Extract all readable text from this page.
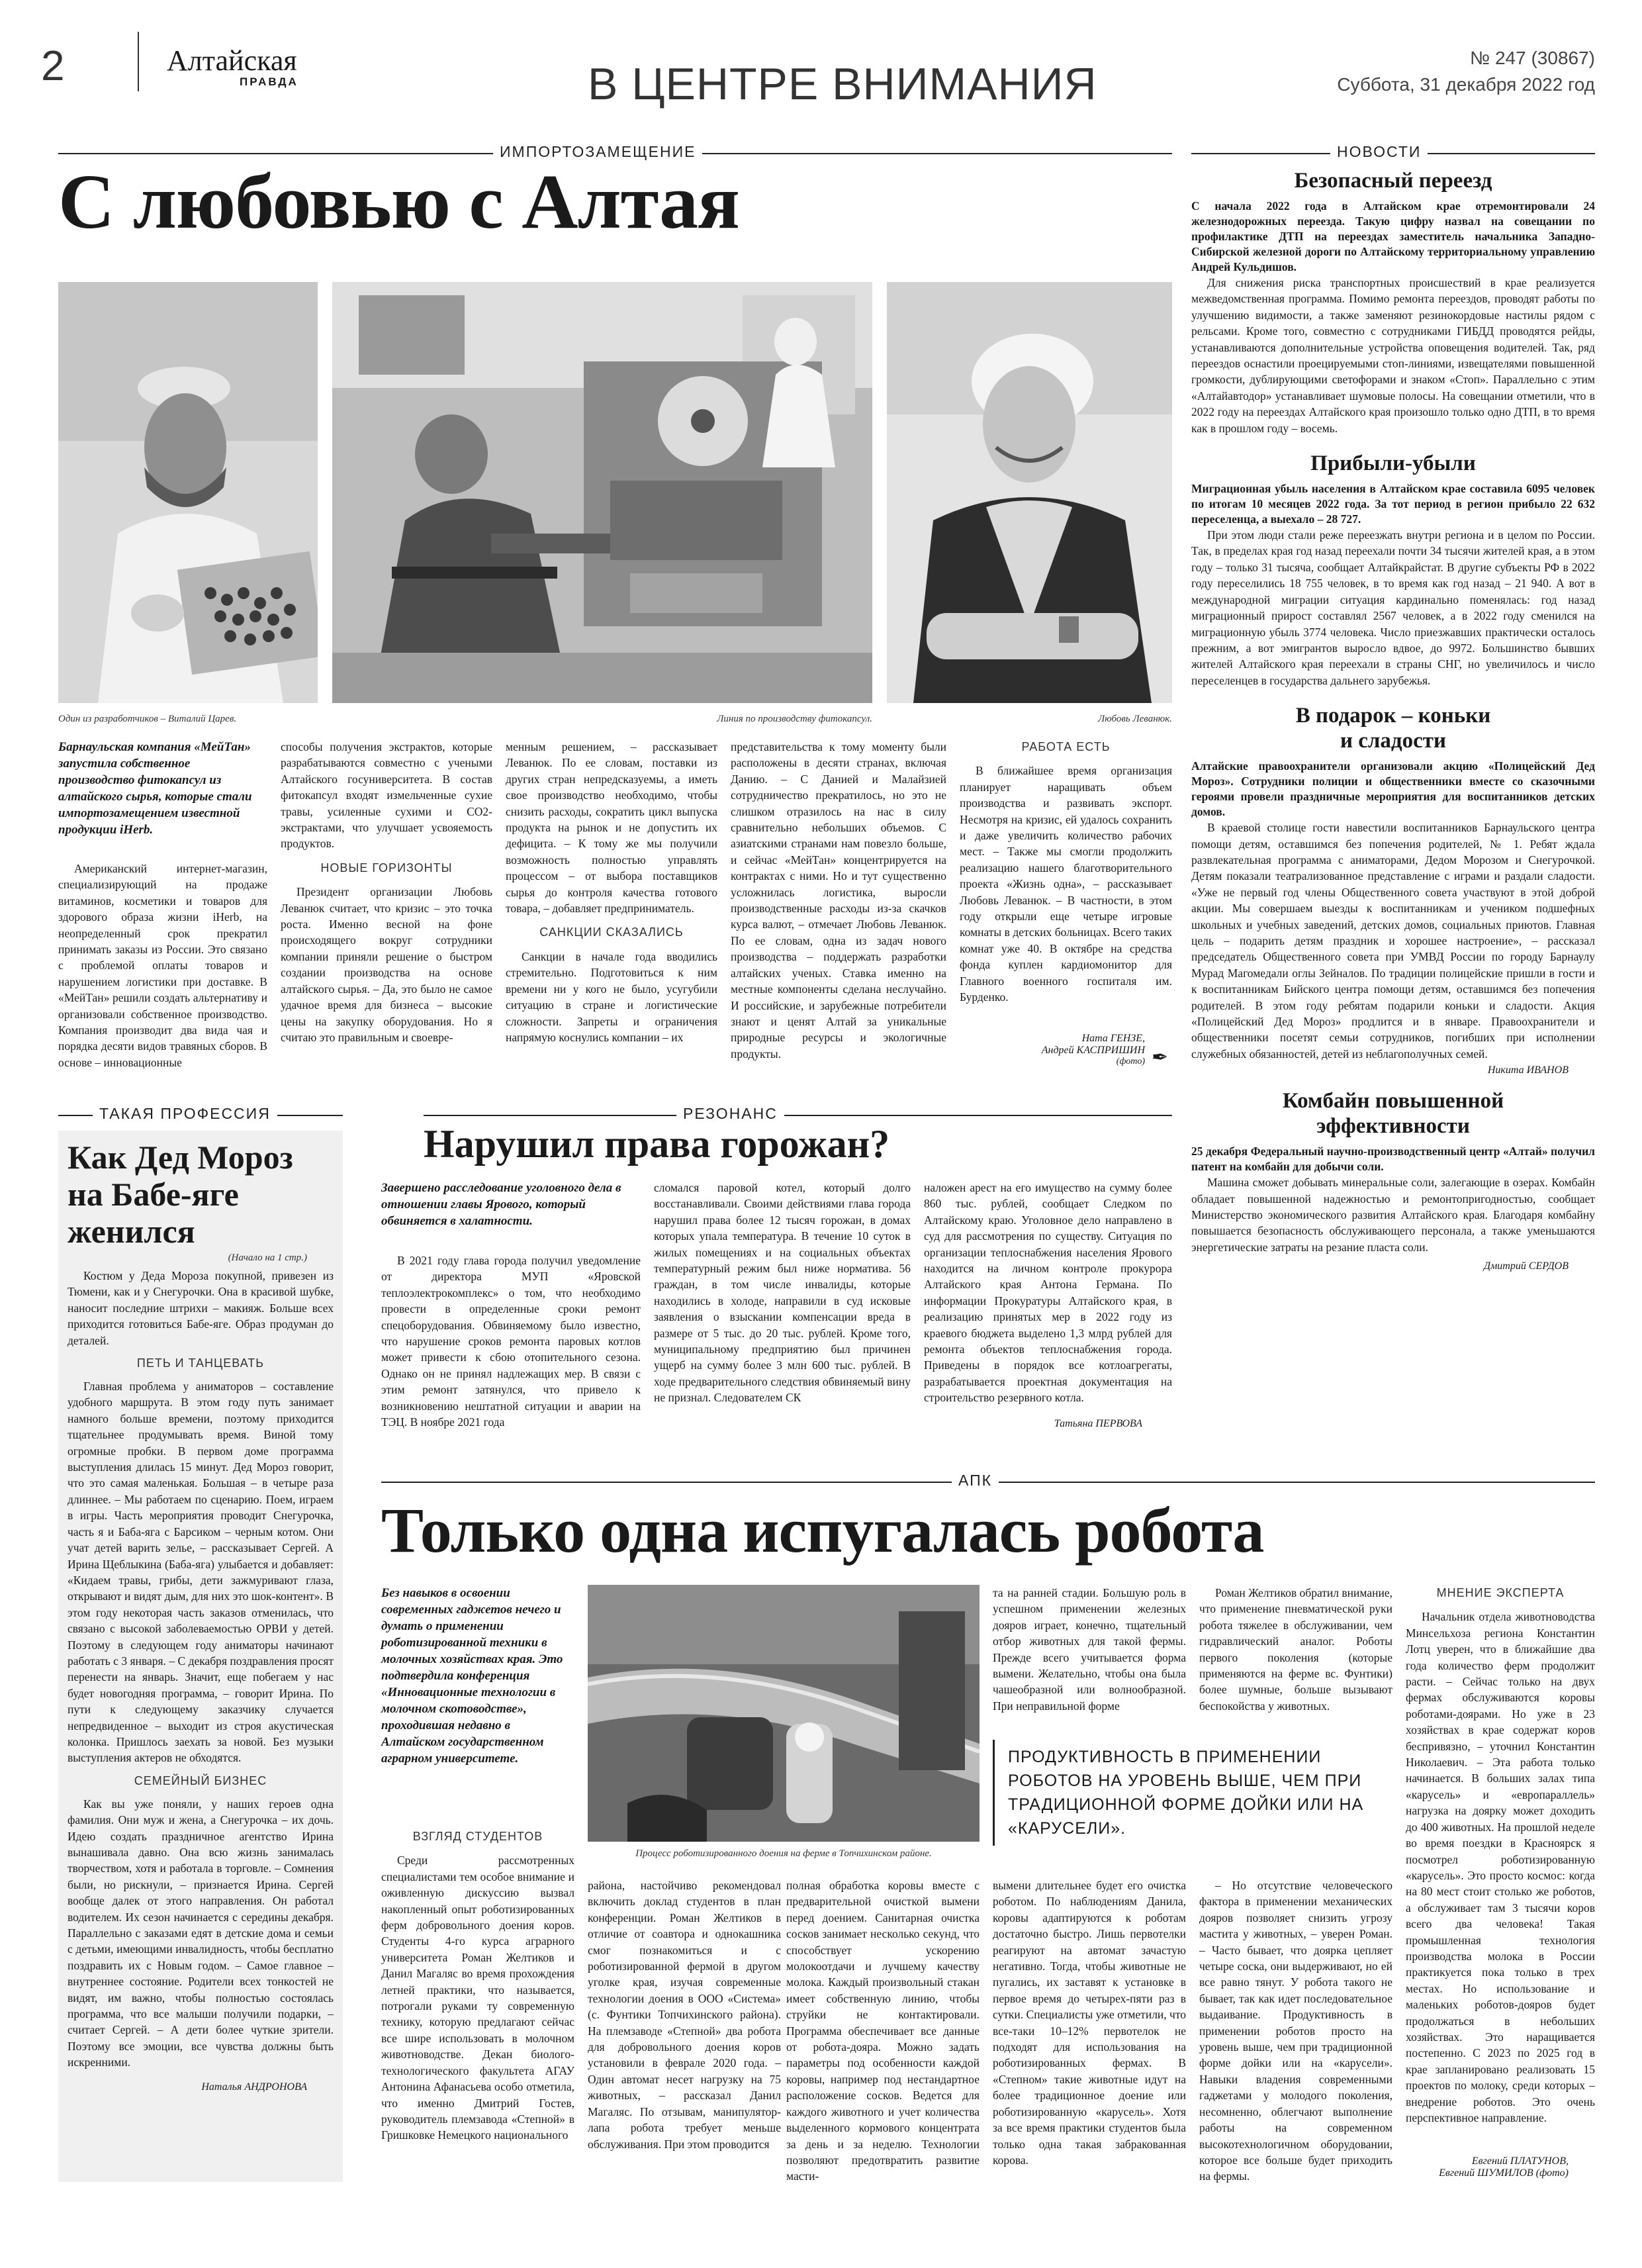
2	Алтайская
ПРАВДА	В ЦЕНТРЕ ВНИМАНИЯ
№ 247 (30867)
Суббота, 31 декабря 2022 год
ИМПОРТОЗАМЕЩЕНИЕ
С любовью с Алтая
Один из разработчиков – Виталий Царев.	Линия по производству фитокапсул.	Любовь Леванюк.
Барнаульская компания «МейТан» запустила собственное производство фитокапсул из алтайского сырья, которые стали импортозамещением известной продукции iHerb.

Американский интернет-магазин, специализирующий на продаже витаминов, косметики и товаров для здорового образа жизни iHerb, на неопределенный срок прекратил принимать заказы из России. Это связано с проблемой оплаты товаров и нарушением логистики при доставке. В «МейТан» решили создать альтернативу и организовали собственное производство. Компания производит два вида чая и порядка десяти видов травяных сборов. В основе – инновационные

способы получения экстрактов, которые разрабатываются совместно с учеными Алтайского госуниверситета. В состав фитокапсул входят измельченные сухие травы, усиленные сухими и CO2-экстрактами, что улучшает усвояемость продуктов.

НОВЫЕ ГОРИЗОНТЫ

Президент организации Любовь Леванюк считает, что кризис – это точка роста. Именно весной на фоне происходящего вокруг сотрудники компании приняли решение о быстром создании производства на основе алтайского сырья. – Да, это было не самое удачное время для бизнеса – высокие цены на закупку оборудования. Но я считаю это правильным и своевре-

менным решением, – рассказывает Леванюк. По ее словам, поставки из других стран непредсказуемы, а иметь свое производство необходимо, чтобы снизить расходы, сократить цикл выпуска продукта на рынок и не допустить их дефицита. – К тому же мы получили возможность полностью управлять процессом – от выбора поставщиков сырья до контроля качества готового товара, – добавляет предприниматель.

САНКЦИИ СКАЗАЛИСЬ

Санкции в начале года вводились стремительно. Подготовиться к ним времени ни у кого не было, усугубили ситуацию в стране и логистические сложности. Запреты и ограничения напрямую коснулись компании – их

представительства к тому моменту были расположены в десяти странах, включая Данию. – С Данией и Малайзией сотрудничество прекратилось, но это не слишком отразилось на нас в силу сравнительно небольших объемов. С азиатскими странами нам повезло больше, и сейчас «МейТан» концентрируется на контрактах с ними. Но и тут существенно усложнилась логистика, выросли производственные расходы из-за скачков курса валют, – отмечает Любовь Леванюк. По ее словам, одна из задач нового производства – поддержать разработки алтайских ученых. Ставка именно на местные компоненты сделана неслучайно. И российские, и зарубежные потребители знают и ценят Алтай за уникальные природные ресурсы и экологичные продукты.

РАБОТА ЕСТЬ

В ближайшее время организация планирует наращивать объем производства и развивать экспорт. Несмотря на кризис, ей удалось сохранить и даже увеличить количество рабочих мест. – Также мы смогли продолжить реализацию нашего благотворительного проекта «Жизнь одна», – рассказывает Любовь Леванюк. – В частности, в этом году открыли еще четыре игровые комнаты в детских больницах. Всего таких комнат уже 40. В октябре на средства фонда куплен кардиомонитор для Главного военного госпиталя им. Бурденко.

Ната ГЕНЗЕ,
Андрей КАСПРИШИН
(фото) ✒
НОВОСТИ
Безопасный переезд
С начала 2022 года в Алтайском крае отремонтировали 24 железнодорожных переезда. Такую цифру назвал на совещании по профилактике ДТП на переездах заместитель начальника Западно-Сибирской железной дороги по Алтайскому территориальному управлению Андрей Кульдишов.

Для снижения риска транспортных происшествий в крае реализуется межведомственная программа. Помимо ремонта переездов, проводят работы по улучшению видимости, а также заменяют резинокордовые настилы рядом с рельсами. Кроме того, совместно с сотрудниками ГИБДД проводятся рейды, устанавливаются дополнительные устройства оповещения водителей. Так, ряд переездов оснастили проецируемыми стоп-линиями, извещателями повышенной громкости, дублирующими светофорами и знаком «Стоп». Параллельно с этим «Алтайавтодор» устанавливает шумовые полосы. На совещании отметили, что в 2022 году на переездах Алтайского края произошло только одно ДТП, в то время как в прошлом году – восемь.

Прибыли-убыли
Миграционная убыль населения в Алтайском крае составила 6095 человек по итогам 10 месяцев 2022 года. За тот период в регион прибыло 22 632 переселенца, а выехало – 28 727.

При этом люди стали реже переезжать внутри региона и в целом по России. Так, в пределах края год назад переехали почти 34 тысячи жителей края, а в этом году – только 31 тысяча, сообщает Алтайкрайстат. В другие субъекты РФ в 2022 году переселились 18 755 человек, в то время как год назад – 21 940. А вот в международной миграции ситуация кардинально поменялась: год назад миграционный прирост составлял 2567 человек, а в 2022 году сменился на миграционную убыль 3774 человека. Число приезжавших практически осталось прежним, а вот эмигрантов выросло вдвое, до 9972. Большинство бывших жителей Алтайского края переехали в страны СНГ, но увеличилось и число переселенцев в государства дальнего зарубежья.

В подарок – коньки и сладости
Алтайские правоохранители организовали акцию «Полицейский Дед Мороз». Сотрудники полиции и общественники вместе со сказочными героями провели праздничные мероприятия для воспитанников детских домов.

В краевой столице гости навестили воспитанников Барнаульского центра помощи детям, оставшимся без попечения родителей, № 1. Ребят ждала развлекательная программа с аниматорами, Дедом Морозом и Снегурочкой. Детям показали театрализованное представление с играми и раздали сладости. «Уже не первый год члены Общественного совета участвуют в этой доброй акции. Мы совершаем выезды к воспитанникам и учеником подшефных школьных и учебных заведений, детских домов, социальных приютов. Главная цель – подарить детям праздник и хорошее настроение», – рассказал председатель Общественного совета при УМВД России по городу Барнаулу Мурад Магомедали оглы Зейналов. По традиции полицейские пришли в гости и к воспитанникам Бийского центра помощи детям, оставшимся без попечения родителей. В этом году ребятам подарили коньки и сладости. Акция «Полицейский Дед Мороз» продлится и в январе. Правоохранители и общественники посетят семьи сотрудников, погибших при исполнении служебных обязанностей, детей из неблагополучных семей.

Никита ИВАНОВ
Комбайн повышенной эффективности
25 декабря Федеральный научно-производственный центр «Алтай» получил патент на комбайн для добычи соли.

Машина сможет добывать минеральные соли, залегающие в озерах. Комбайн обладает повышенной надежностью и ремонтопригодностью, сообщает Министерство экономического развития Алтайского края. Благодаря комбайну повышается безопасность обслуживающего персонала, а также уменьшаются энергетические затраты на резание пласта соли.

Дмитрий СЕРДОВ
ТАКАЯ ПРОФЕССИЯ
Как Дед Мороз на Бабе-яге женился
(Начало на 1 стр.)

Костюм у Деда Мороза покупной, привезен из Тюмени, как и у Снегурочки. Она в красивой шубке, наносит последние штрихи – макияж. Больше всех приходится готовиться Бабе-яге. Образ продуман до деталей.

ПЕТЬ И ТАНЦЕВАТЬ

Главная проблема у аниматоров – составление удобного маршрута. В этом году путь занимает намного больше времени, поэтому приходится тщательнее продумывать время. Виной тому огромные пробки. В первом доме программа выступления длилась 15 минут. Дед Мороз говорит, что это самая маленькая. Большая – в четыре раза длиннее. – Мы работаем по сценарию. Поем, играем в игры. Часть мероприятия проводит Снегурочка, часть я и Баба-яга с Барсиком – черным котом. Они учат детей варить зелье, – рассказывает Сергей. А Ирина Щеблыкина (Баба-яга) улыбается и добавляет: «Кидаем травы, грибы, дети зажмуривают глаза, открывают и видят дым, для них это шок-контент». В этом году некоторая часть заказов отменилась, что связано с высокой заболеваемостью ОРВИ у детей. Поэтому в следующем году аниматоры начинают работать с 3 января. – С декабря поздравления просят перенести на январь. Значит, еще побегаем у нас будет новогодняя программа, – говорит Ирина. По пути к следующему заказчику случается непредвиденное – выходит из строя акустическая колонка. Пришлось заехать за новой. Без музыки выступления актеров не обходятся.

СЕМЕЙНЫЙ БИЗНЕС

Как вы уже поняли, у наших героев одна фамилия. Они муж и жена, а Снегурочка – их дочь. Идею создать праздничное агентство Ирина вынашивала давно. Она всю жизнь занималась творчеством, хотя и работала в торговле. – Сомнения были, но рискнули, – признается Ирина. Сергей вообще далек от этого направления. Он работал водителем. Их сезон начинается с середины декабря. Параллельно с заказами едят в детские дома и семьи с детьми, имеющими инвалидность, чтобы бесплатно поздравить их с Новым годом. – Самое главное – внутреннее состояние. Родители всех тонкостей не видят, им важно, чтобы полностью состоялась программа, что все малыши получили подарки, – считает Сергей. – А дети более чуткие зрители. Поэтому все эмоции, все чувства должны быть искренними.

Наталья АНДРОНОВА
РЕЗОНАНС
Нарушил права горожан?
Завершено расследование уголовного дела в отношении главы Ярового, который обвиняется в халатности.

В 2021 году глава города получил уведомление от директора МУП «Яровской теплоэлектрокомплекс» о том, что необходимо провести в определенные сроки ремонт спецоборудования. Обвиняемому было известно, что нарушение сроков ремонта паровых котлов может привести к сбою отопительного сезона. Однако он не принял надлежащих мер. В связи с этим ремонт затянулся, что привело к возникновению нештатной ситуации и аварии на ТЭЦ. В ноябре 2021 года

сломался паровой котел, который долго восстанавливали. Своими действиями глава города нарушил права более 12 тысяч горожан, в домах которых упала температура. В течение 10 суток в жилых помещениях и на социальных объектах температурный режим был ниже норматива. 56 граждан, в том числе инвалиды, которые находились в холоде, направили в суд исковые заявления о взыскании компенсации вреда в размере от 5 тыс. до 20 тыс. рублей. Кроме того, муниципальному предприятию был причинен ущерб на сумму более 3 млн 600 тыс. рублей. В ходе предварительного следствия обвиняемый вину не признал. Следователем СК

наложен арест на его имущество на сумму более 860 тыс. рублей, сообщает Следком по Алтайскому краю. Уголовное дело направлено в суд для рассмотрения по существу. Ситуация по организации теплоснабжения населения Ярового находится на личном контроле прокурора Алтайского края Антона Германа. По информации Прокуратуры Алтайского края, в реализацию принятых мер в 2022 году из краевого бюджета выделено 1,3 млрд рублей для ремонта объектов теплоснабжения города. Приведены в порядок все котлоагрегаты, разрабатывается проектная документация на строительство резервного котла.

Татьяна ПЕРВОВА
АПК
Только одна испугалась робота
Без навыков в освоении современных гаджетов нечего и думать о применении роботизированной техники в молочных хозяйствах края. Это подтвердила конференция «Инновационные технологии в молочном скотоводстве», проходившая недавно в Алтайском государственном аграрном университете.
Процесс роботизированного доения на ферме в Топчихинском районе.

та на ранней стадии. Большую роль в успешном применении железных дояров играет, конечно, тщательный отбор животных для такой фермы. Прежде всего учитывается форма вымени. Желательно, чтобы она была чашеобразной или волнообразной. При неправильной форме

Роман Желтиков обратил внимание, что применение пневматической руки робота тяжелее в обслуживании, чем гидравлический аналог. Роботы первого поколения (которые применяются на ферме вс. Фунтики) более шумные, больше вызывают беспокойства у животных.

ПРОДУКТИВНОСТЬ В ПРИМЕНЕНИИ РОБОТОВ НА УРОВЕНЬ ВЫШЕ, ЧЕМ ПРИ ТРАДИЦИОННОЙ ФОРМЕ ДОЙКИ ИЛИ НА «КАРУСЕЛИ».
ВЗГЛЯД СТУДЕНТОВ

Среди рассмотренных специалистами тем особое внимание и оживленную дискуссию вызвал накопленный опыт роботизированных ферм добровольного доения коров. Студенты 4-го курса аграрного университета Роман Желтиков и Данил Магаляс во время прохождения летней практики, что называется, потрогали руками ту современную технику, которую предлагают сейчас все шире использовать в молочном животноводстве. Декан биолого-технологического факультета АГАУ Антонина Афанасьева особо отметила, что именно Дмитрий Гостев, руководитель племзавода «Степной» в Гришковке Немецкого национального

района, настойчиво рекомендовал включить доклад студентов в план конференции. Роман Желтиков в отличие от соавтора и однокашника смог познакомиться и с роботизированной фермой в другом уголке края, изучая современные технологии доения в ООО «Система» (с. Фунтики Топчихинского района). На племзаводе «Степной» два робота для добровольного доения коров установили в феврале 2020 года. – Один автомат несет нагрузку на 75 животных, – рассказал Данил Магаляс. По отзывам, манипулятор-лапа робота требует меньше обслуживания. При этом проводится

полная обработка коровы вместе с предварительной очисткой вымени перед доением. Санитарная очистка сосков занимает несколько секунд, что способствует ускорению молокоотдачи и лучшему качеству молока. Каждый произвольный стакан имеет собственную линию, чтобы струйки не контактировали. Программа обеспечивает все данные от робота-дояра. Можно задать параметры под особенности каждой коровы, например под нестандартное расположение сосков. Ведется для каждого животного и учет количества выделенного кормового концентрата за день и за неделю. Технологии позволяют предотвратить развитие масти-

вымени длительнее будет его очистка роботом. По наблюдениям Данила, коровы адаптируются к роботам достаточно быстро. Лишь первотелки реагируют на автомат зачастую негативно. Тогда, чтобы животные не пугались, их заставят к установке в первое время до четырех-пяти раз в сутки. Специалисты уже отметили, что все-таки 10–12% первотелок не подходят для использования на роботизированных фермах. В «Степном» такие животные идут на более традиционное доение или роботизированную «карусель». Хотя за все время практики студентов была только одна такая забракованная корова.

– Но отсутствие человеческого фактора в применении механических дояров позволяет снизить угрозу мастита у животных, – уверен Роман. – Часто бывает, что доярка цепляет четыре соска, они выдерживают, но ей все равно тянут. У робота такого не бывает, так как идет последовательное выдаивание. Продуктивность в применении роботов просто на уровень выше, чем при традиционной форме дойки или на «карусели». Навыки владения современными гаджетами у молодого поколения, несомненно, облегчают выполнение работы на современном высокотехнологичном оборудовании, которое все больше будет приходить на фермы.

МНЕНИЕ ЭКСПЕРТА

Начальник отдела животноводства Минсельхоза региона Константин Лотц уверен, что в ближайшие два года количество ферм продолжит расти. – Сейчас только на двух фермах обслуживаются коровы роботами-доярами. Но уже в 23 хозяйствах в крае содержат коров беспривязно, – уточнил Константин Николаевич. – Эта работа только начинается. В больших залах типа «карусель» и «европараллель» нагрузка на доярку может доходить до 400 животных. На прошлой неделе во время поездки в Красноярск я посмотрел роботизированную «карусель». Это просто космос: когда на 80 мест стоит столько же роботов, а обслуживает там 3 тысячи коров всего два человека! Такая промышленная технология производства молока в России практикуется пока только в трех местах. Но использование и маленьких роботов-дояров будет продолжаться в небольших хозяйствах. Это наращивается постепенно. С 2023 по 2025 год в крае запланировано реализовать 15 проектов по молоку, среди которых – внедрение роботов. Это очень перспективное направление.

Евгений ПЛАТУНОВ,
Евгений ШУМИЛОВ (фото)
